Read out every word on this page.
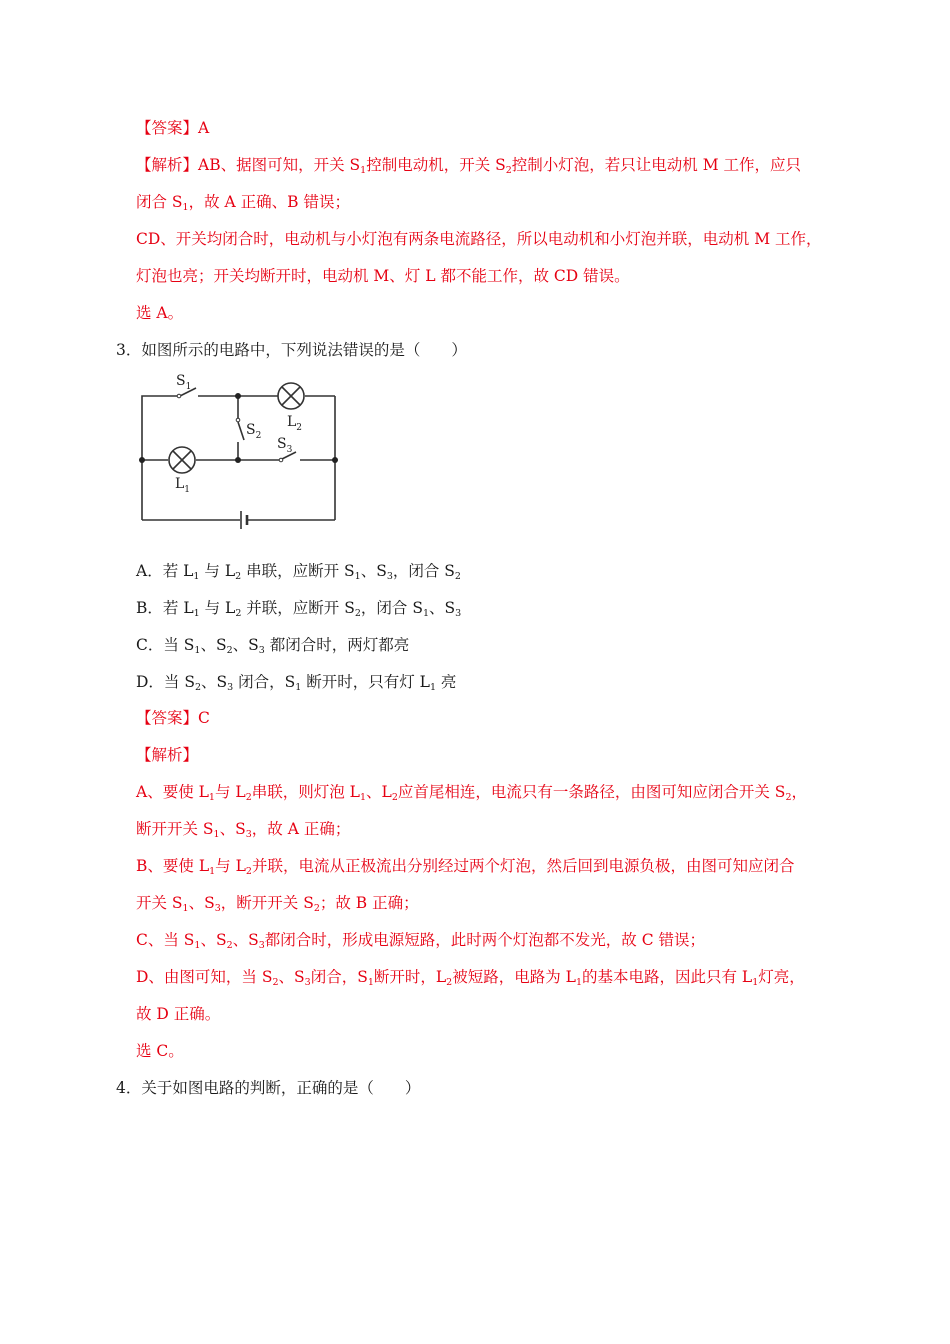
【答案】A
【解析】AB、据图可知，开关 $S_1$控制电动机，开关 $S_2$控制小灯泡，若只让电动机 M 工作，应只
闭合 $S_1$，故 A 正确、B 错误；
CD、开关均闭合时，电动机与小灯泡有两条电流路径，所以电动机和小灯泡并联，电动机 M 工作，
灯泡也亮；开关均断开时，电动机 M、灯 L 都不能工作，故 CD 错误。
选 A。
3．如图所示的电路中，下列说法错误的是（　　）
$S_1$
$S_2$ $S_3$
$L_1$
$L_2$
A．若 $L_1$ 与 $L_2$ 串联，应断开 $S_1$、$S_3$，闭合 $S_2$
B．若 $L_1$ 与 $L_2$ 并联，应断开 $S_2$，闭合 $S_1$、$S_3$
C．当 $S_1$、$S_2$、$S_3$ 都闭合时，两灯都亮
D．当 $S_2$、$S_3$ 闭合，$S_1$ 断开时，只有灯 $L_1$ 亮
【答案】C
【解析】
A、要使 $L_1$与 $L_2$串联，则灯泡 $L_1$、$L_2$应首尾相连，电流只有一条路径，由图可知应闭合开关 $S_2$，
断开开关 $S_1$、$S_3$，故 A 正确；
B、要使 $L_1$与 $L_2$并联，电流从正极流出分别经过两个灯泡，然后回到电源负极，由图可知应闭合
开关 $S_1$、$S_3$，断开开关 $S_2$；故 B 正确；
C、当 $S_1$、$S_2$、$S_3$都闭合时，形成电源短路，此时两个灯泡都不发光，故 C 错误；
D、由图可知，当 $S_2$、$S_3$闭合，$S_1$断开时，$L_2$被短路，电路为 $L_1$的基本电路，因此只有 $L_1$灯亮，
故 D 正确。
选 C。
4．关于如图电路的判断，正确的是（　　）
